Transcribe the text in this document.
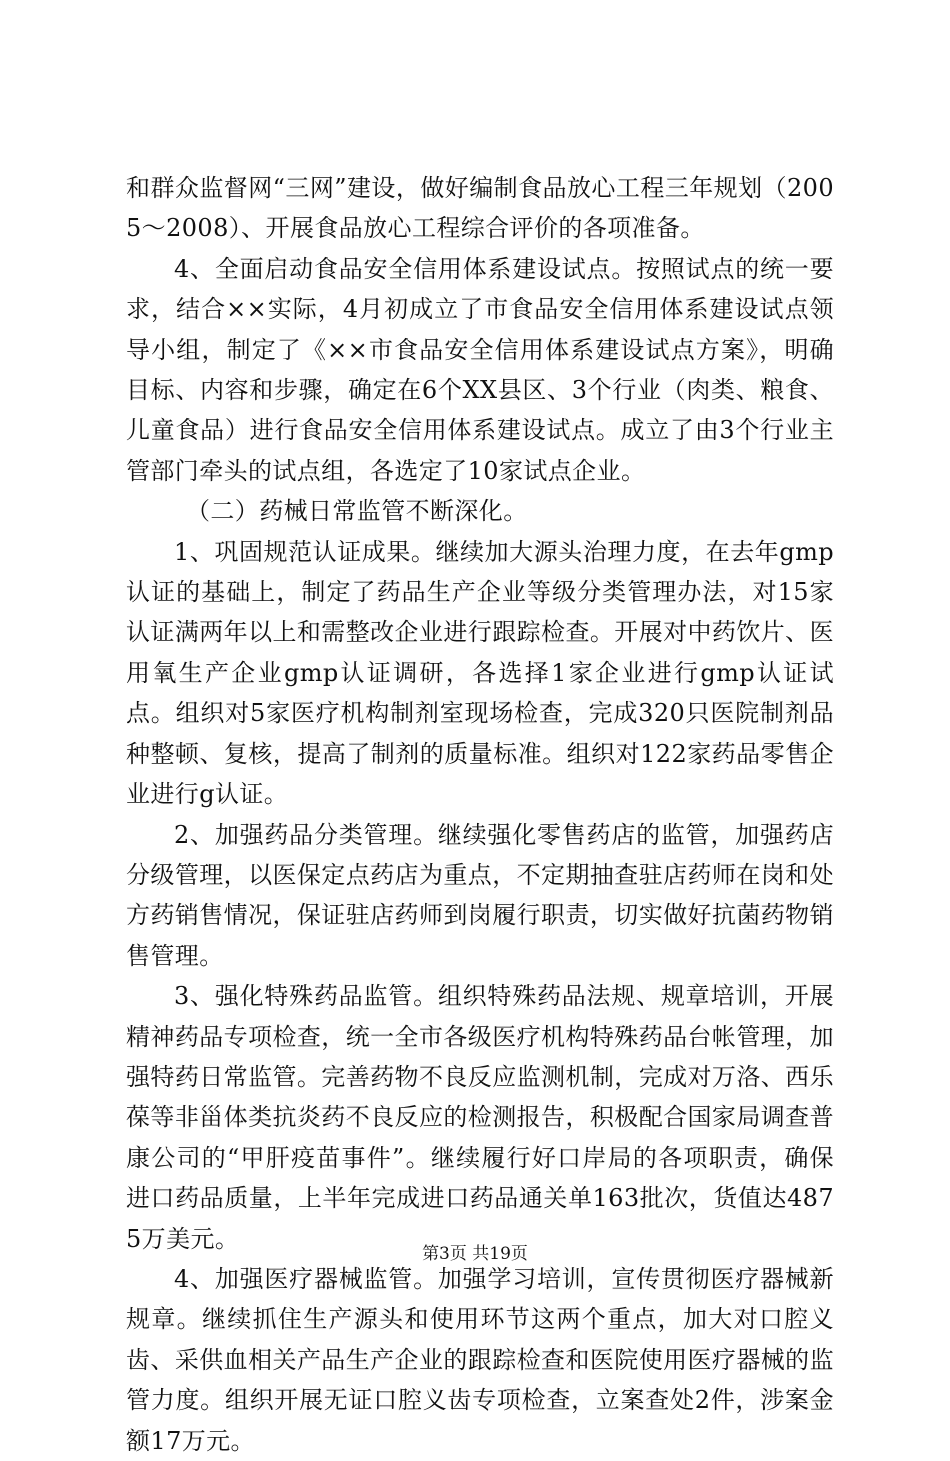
和群众监督网“三网”建设，做好编制食品放心工程三年规划（2005～2008）、开展食品放心工程综合评价的各项准备。

4、全面启动食品安全信用体系建设试点。按照试点的统一要求，结合××实际，4月初成立了市食品安全信用体系建设试点领导小组，制定了《××市食品安全信用体系建设试点方案》，明确目标、内容和步骤，确定在6个XX县区、3个行业（肉类、粮食、儿童食品）进行食品安全信用体系建设试点。成立了由3个行业主管部门牵头的试点组，各选定了10家试点企业。

（二）药械日常监管不断深化。

1、巩固规范认证成果。继续加大源头治理力度，在去年gmp认证的基础上，制定了药品生产企业等级分类管理办法，对15家认证满两年以上和需整改企业进行跟踪检查。开展对中药饮片、医用氧生产企业gmp认证调研，各选择1家企业进行gmp认证试点。组织对5家医疗机构制剂室现场检查，完成320只医院制剂品种整顿、复核，提高了制剂的质量标准。组织对122家药品零售企业进行g认证。

2、加强药品分类管理。继续强化零售药店的监管，加强药店分级管理，以医保定点药店为重点，不定期抽查驻店药师在岗和处方药销售情况，保证驻店药师到岗履行职责，切实做好抗菌药物销售管理。

3、强化特殊药品监管。组织特殊药品法规、规章培训，开展精神药品专项检查，统一全市各级医疗机构特殊药品台帐管理，加强特药日常监管。完善药物不良反应监测机制，完成对万洛、西乐葆等非甾体类抗炎药不良反应的检测报告，积极配合国家局调查普康公司的“甲肝疫苗事件”。继续履行好口岸局的各项职责，确保进口药品质量，上半年完成进口药品通关单163批次，货值达4875万美元。

4、加强医疗器械监管。加强学习培训，宣传贯彻医疗器械新规章。继续抓住生产源头和使用环节这两个重点，加大对口腔义齿、采供血相关产品生产企业的跟踪检查和医院使用医疗器械的监管力度。组织开展无证口腔义齿专项检查，立案查处2件，涉案金额17万元。

第3页 共19页
